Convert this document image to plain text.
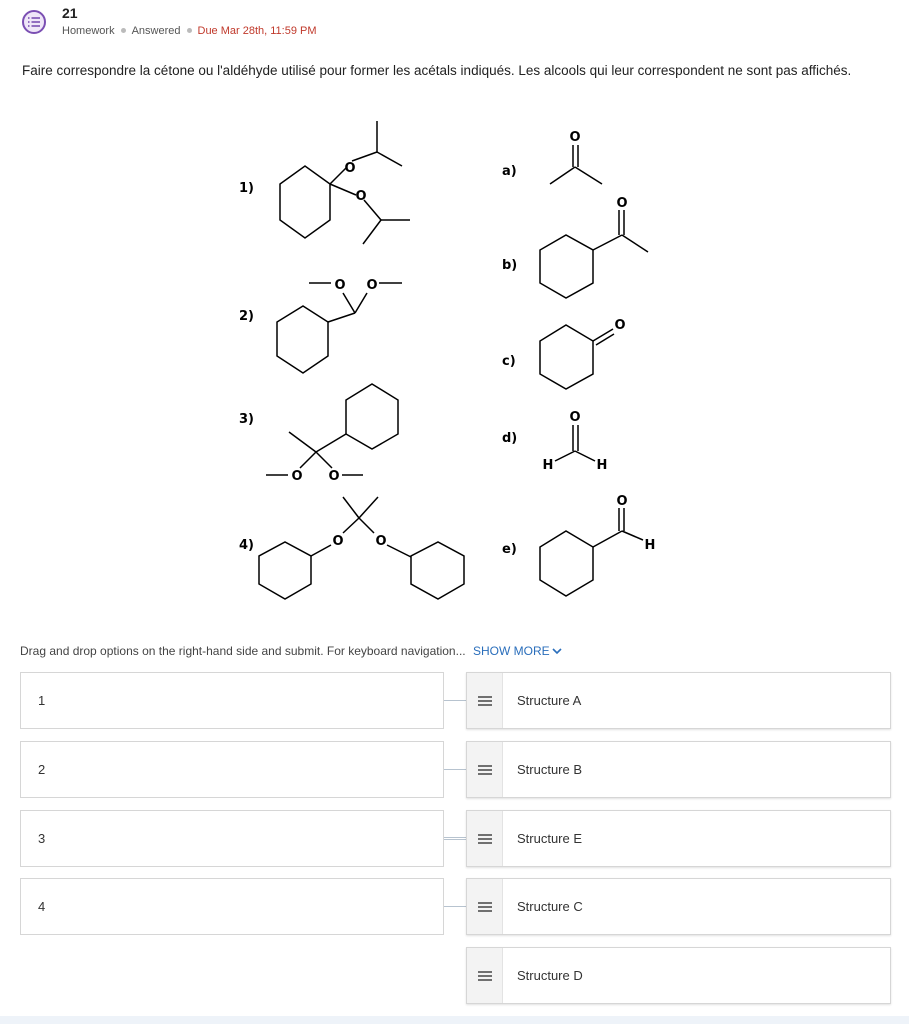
21
Homework Answered Due Mar 28th, 11:59 PM
Faire correspondre la cétone ou l'aldéhyde utilisé pour former les acétals indiqués. Les alcools qui leur correspondent ne sont pas affichés.
O
O
O O
O O
O O
O
O
O
O
H	H
O
H
1)
2)
3)
4)
a)
b)
c)
d)
e)
Drag and drop options on the right-hand side and submit. For keyboard navigation... SHOW MORE
1
2
3
4
Structure A
Structure B
Structure E
Structure C
Structure D
